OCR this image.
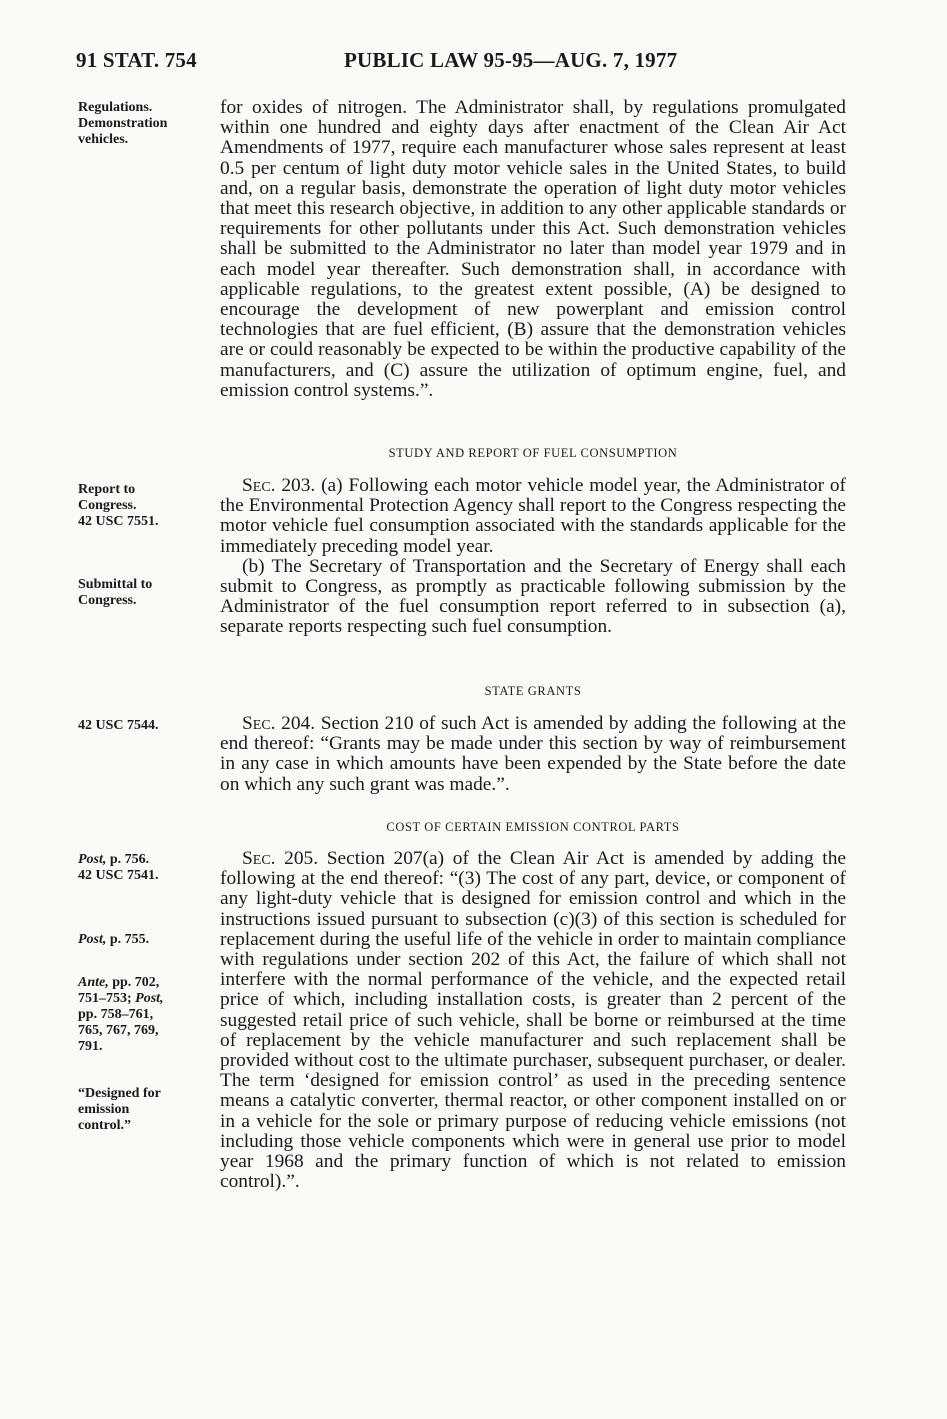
91 STAT. 754	PUBLIC LAW 95-95—AUG. 7, 1977
Regulations.
Demonstration
vehicles.
Report to
Congress.
42 USC 7551.
Submittal to
Congress.
42 USC 7544.
Post, p. 756.
42 USC 7541.
Post, p. 755.
Ante, pp. 702,
751–753; Post,
pp. 758–761,
765, 767, 769,
791.
“Designed for
emission
control.”

for oxides of nitrogen. The Administrator shall, by regulations promulgated within one hundred and eighty days after enactment of the Clean Air Act Amendments of 1977, require each manufacturer whose sales represent at least 0.5 per centum of light duty motor vehicle sales in the United States, to build and, on a regular basis, demonstrate the operation of light duty motor vehicles that meet this research objective, in addition to any other applicable standards or requirements for other pollutants under this Act. Such demonstration vehicles shall be submitted to the Administrator no later than model year 1979 and in each model year thereafter. Such demonstration shall, in accordance with applicable regulations, to the greatest extent possible, (A) be designed to encourage the development of new powerplant and emission control technologies that are fuel efficient, (B) assure that the demonstration vehicles are or could reasonably be expected to be within the productive capability of the manufacturers, and (C) assure the utilization of optimum engine, fuel, and emission control systems.”.

STUDY AND REPORT OF FUEL CONSUMPTION

Sec. 203. (a) Following each motor vehicle model year, the Administrator of the Environmental Protection Agency shall report to the Congress respecting the motor vehicle fuel consumption associated with the standards applicable for the immediately preceding model year.

(b) The Secretary of Transportation and the Secretary of Energy shall each submit to Congress, as promptly as practicable following submission by the Administrator of the fuel consumption report referred to in subsection (a), separate reports respecting such fuel consumption.

STATE GRANTS

Sec. 204. Section 210 of such Act is amended by adding the following at the end thereof: “Grants may be made under this section by way of reimbursement in any case in which amounts have been expended by the State before the date on which any such grant was made.”.

COST OF CERTAIN EMISSION CONTROL PARTS

Sec. 205. Section 207(a) of the Clean Air Act is amended by adding the following at the end thereof: “(3) The cost of any part, device, or component of any light-duty vehicle that is designed for emission control and which in the instructions issued pursuant to subsection (c)(3) of this section is scheduled for replacement during the useful life of the vehicle in order to maintain compliance with regulations under section 202 of this Act, the failure of which shall not interfere with the normal performance of the vehicle, and the expected retail price of which, including installation costs, is greater than 2 percent of the suggested retail price of such vehicle, shall be borne or reimbursed at the time of replacement by the vehicle manufacturer and such replacement shall be provided without cost to the ultimate purchaser, subsequent purchaser, or dealer. The term ‘designed for emission control’ as used in the preceding sentence means a catalytic converter, thermal reactor, or other component installed on or in a vehicle for the sole or primary purpose of reducing vehicle emissions (not including those vehicle components which were in general use prior to model year 1968 and the primary function of which is not related to emission control).”.
